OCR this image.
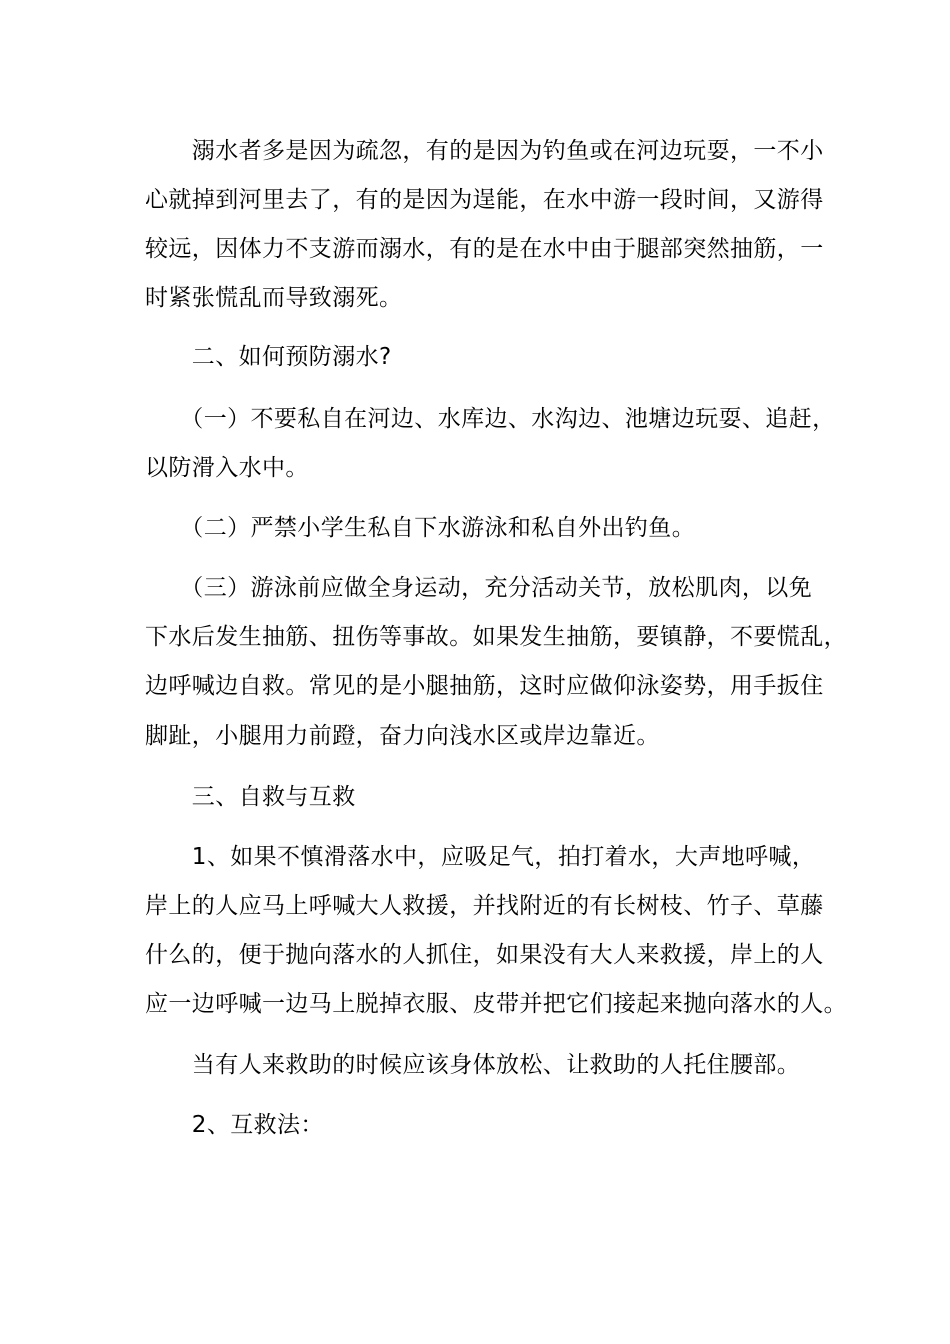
　　溺水者多是因为疏忽，有的是因为钓鱼或在河边玩耍，一不小
心就掉到河里去了，有的是因为逞能，在水中游一段时间，又游得
较远，因体力不支游而溺水，有的是在水中由于腿部突然抽筋，一
时紧张慌乱而导致溺死。
　　二、如何预防溺水?
　　（一）不要私自在河边、水库边、水沟边、池塘边玩耍、追赶，
以防滑入水中。
　　（二）严禁小学生私自下水游泳和私自外出钓鱼。
　　（三）游泳前应做全身运动，充分活动关节，放松肌肉，以免
下水后发生抽筋、扭伤等事故。如果发生抽筋，要镇静，不要慌乱，
边呼喊边自救。常见的是小腿抽筋，这时应做仰泳姿势，用手扳住
脚趾，小腿用力前蹬，奋力向浅水区或岸边靠近。
　　三、自救与互救
　　1、如果不慎滑落水中，应吸足气，拍打着水，大声地呼喊，
岸上的人应马上呼喊大人救援，并找附近的有长树枝、竹子、草藤
什么的，便于抛向落水的人抓住，如果没有大人来救援，岸上的人
应一边呼喊一边马上脱掉衣服、皮带并把它们接起来抛向落水的人。
　　当有人来救助的时候应该身体放松、让救助的人托住腰部。
　　2、互救法：
